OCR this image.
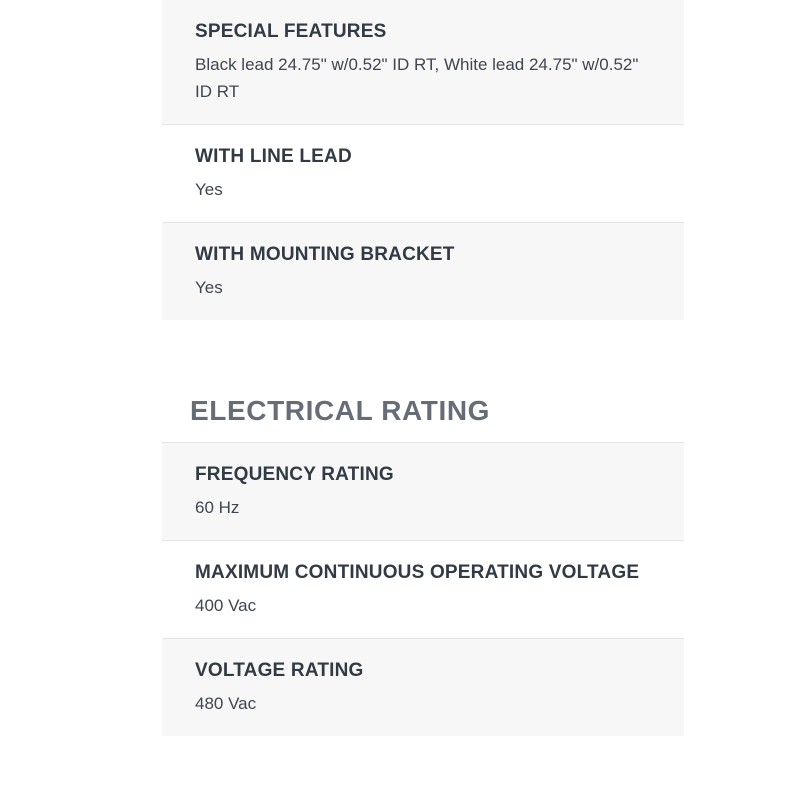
SPECIAL FEATURES
Black lead 24.75" w/0.52" ID RT, White lead 24.75" w/0.52" ID RT
WITH LINE LEAD
Yes
WITH MOUNTING BRACKET
Yes
ELECTRICAL RATING
FREQUENCY RATING
60 Hz
MAXIMUM CONTINUOUS OPERATING VOLTAGE
400 Vac
VOLTAGE RATING
480 Vac
